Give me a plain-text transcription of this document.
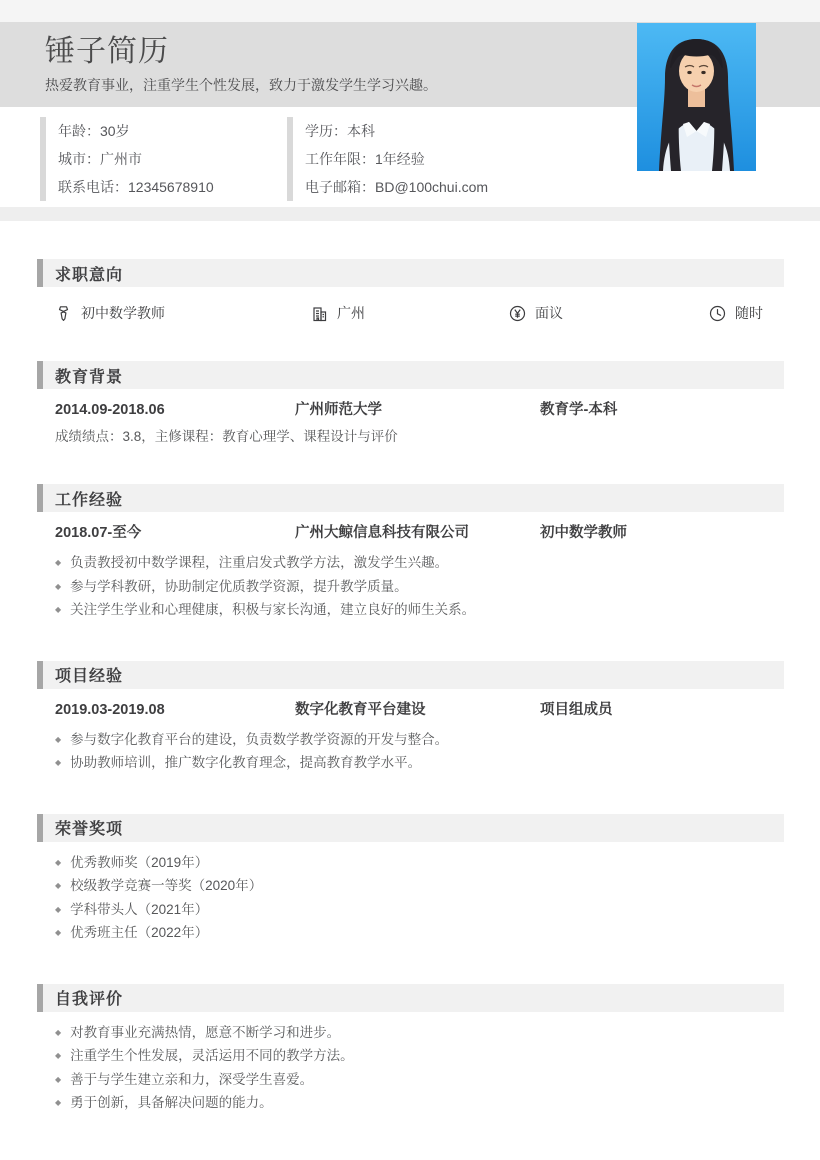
锤子简历

热爱教育事业，注重学生个性发展，致力于激发学生学习兴趣。

年龄：30岁
城市：广州市
联系电话：12345678910
学历：本科
工作年限：1年经验
电子邮箱：BD@100chui.com
求职意向
初中数学教师	广州	面议	随时
教育背景
2014.09-2018.06	广州师范大学	教育学-本科
成绩绩点：3.8，主修课程：教育心理学、课程设计与评价
工作经验
2018.07-至今	广州大鲸信息科技有限公司	初中数学教师
◆ 负责教授初中数学课程，注重启发式教学方法，激发学生兴趣。
◆ 参与学科教研，协助制定优质教学资源，提升教学质量。
◆ 关注学生学业和心理健康，积极与家长沟通，建立良好的师生关系。
项目经验
2019.03-2019.08	数字化教育平台建设	项目组成员
◆ 参与数字化教育平台的建设，负责数学教学资源的开发与整合。
◆ 协助教师培训，推广数字化教育理念，提高教育教学水平。
荣誉奖项
◆ 优秀教师奖（2019年）
◆ 校级教学竞赛一等奖（2020年）
◆ 学科带头人（2021年）
◆ 优秀班主任（2022年）
自我评价
◆ 对教育事业充满热情，愿意不断学习和进步。
◆ 注重学生个性发展，灵活运用不同的教学方法。
◆ 善于与学生建立亲和力，深受学生喜爱。
◆ 勇于创新，具备解决问题的能力。
